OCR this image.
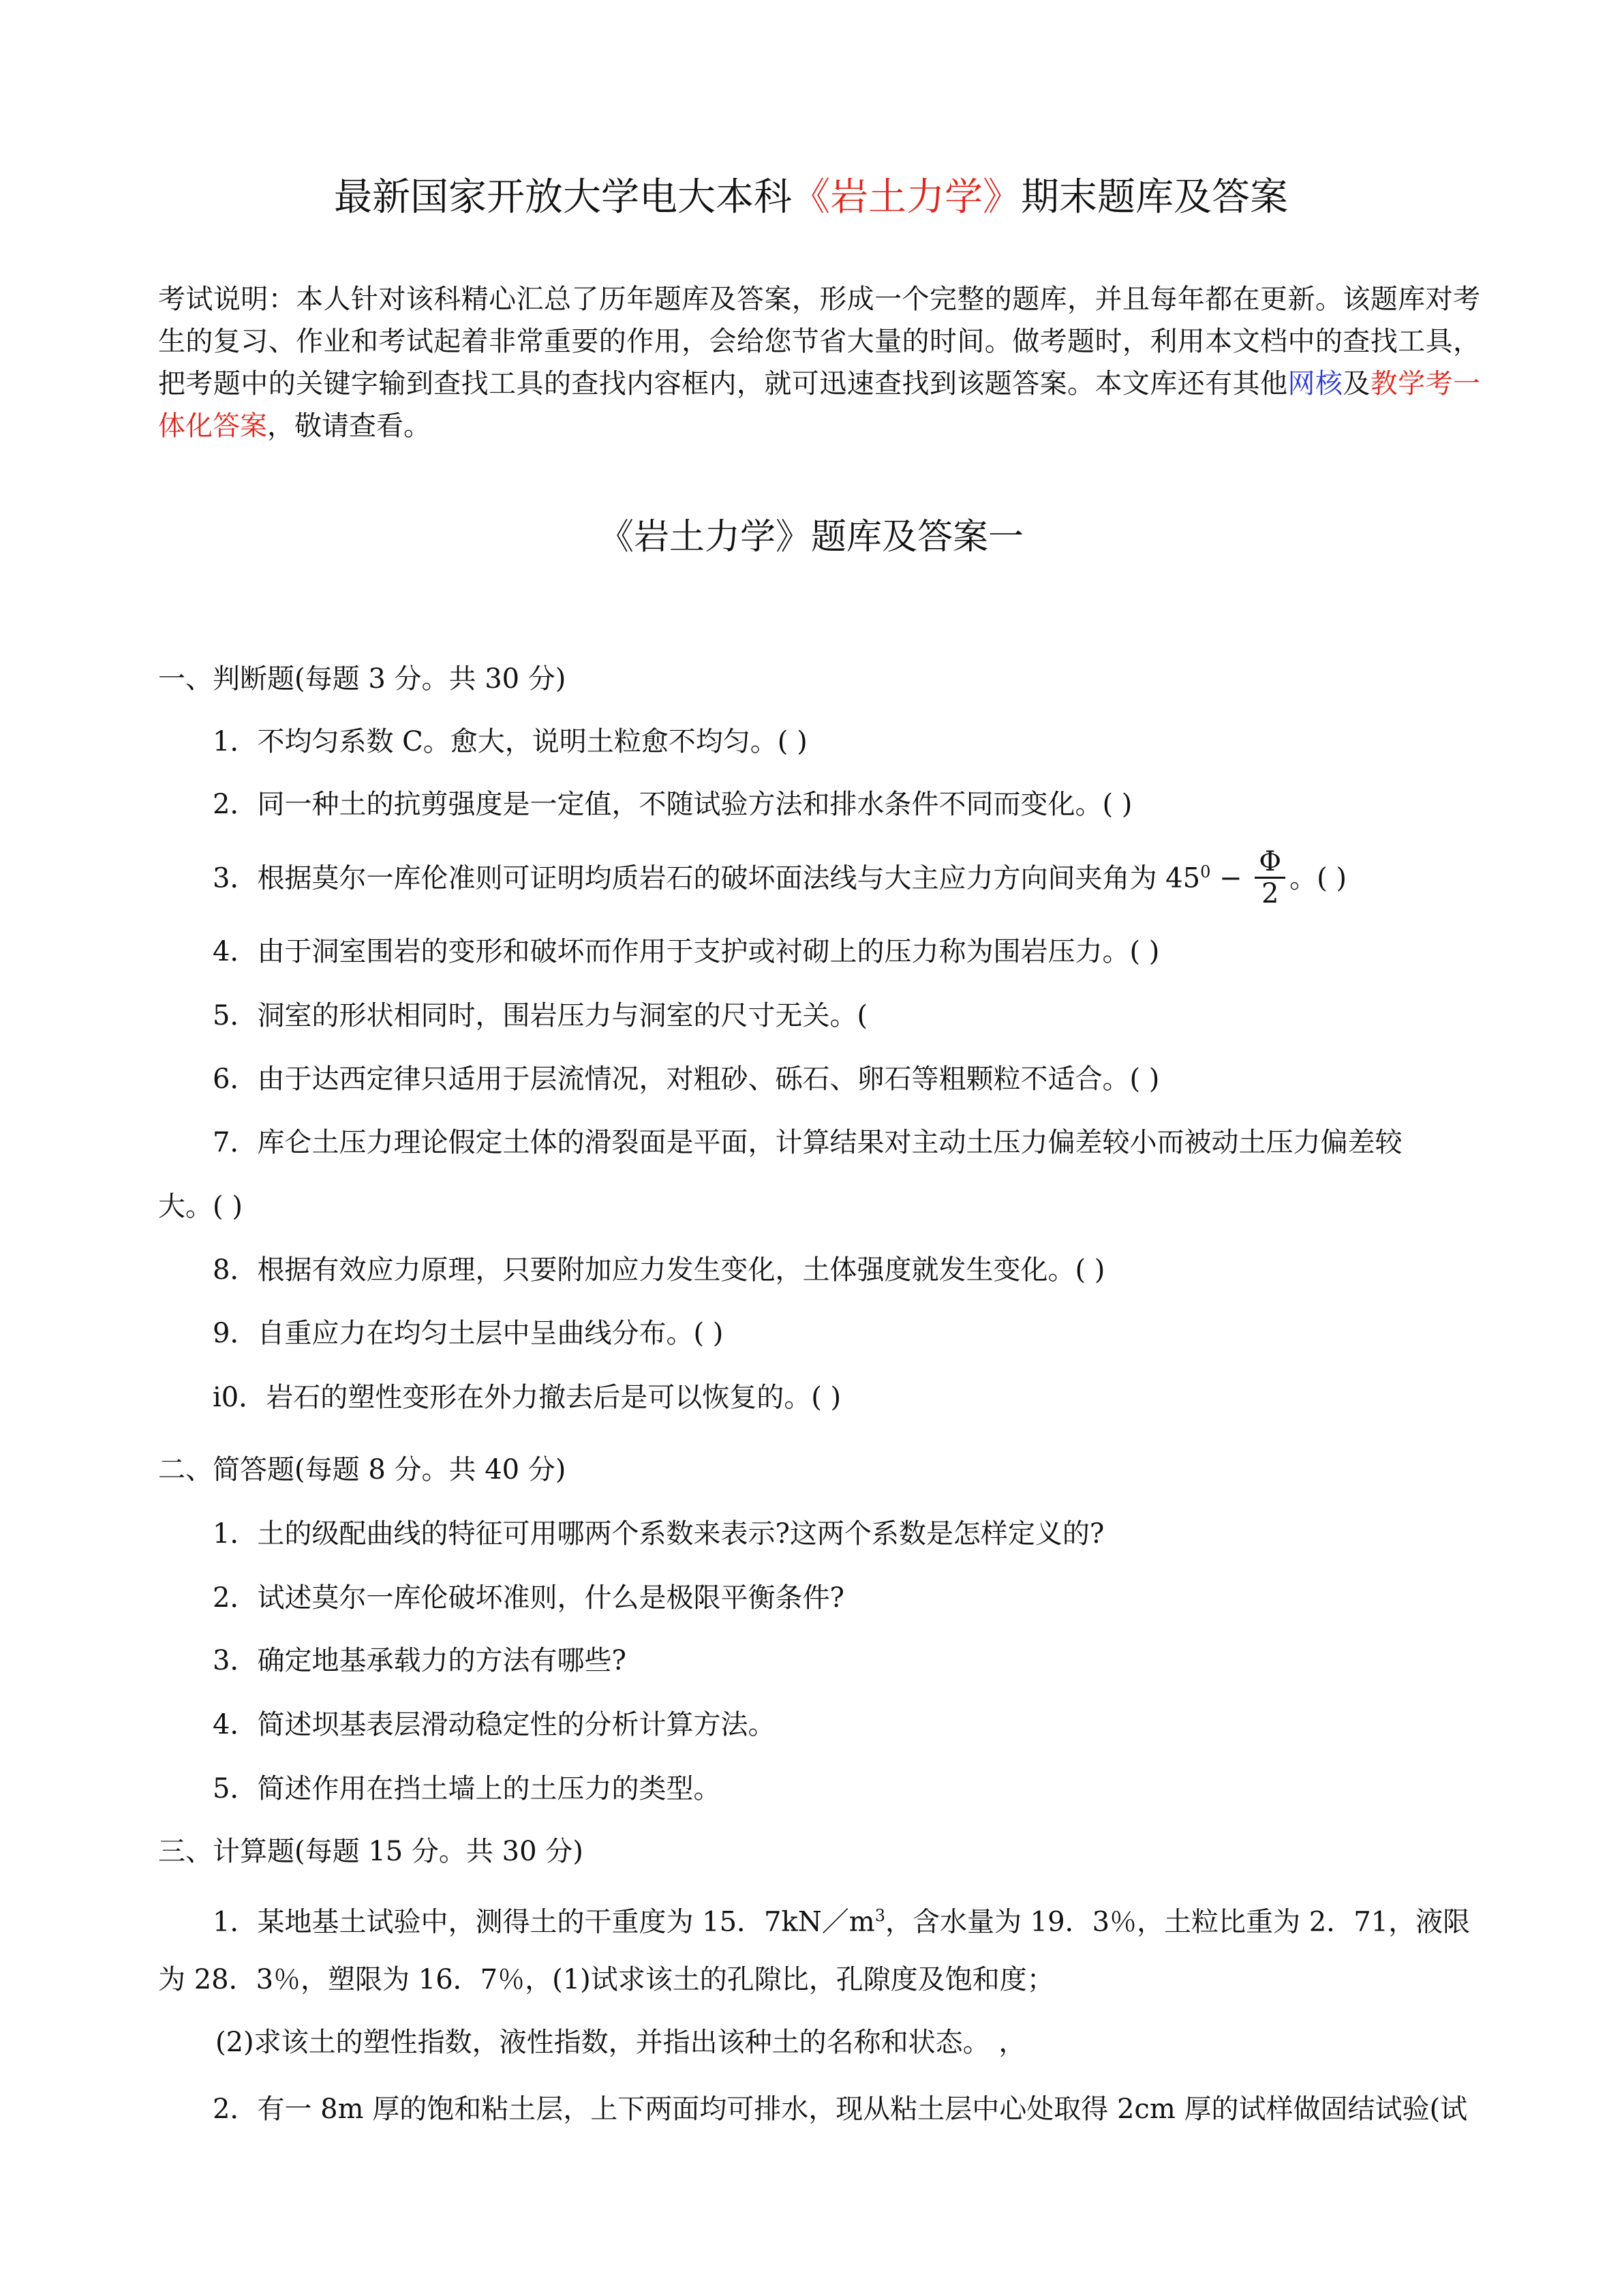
最新国家开放大学电大本科《岩土力学》期末题库及答案
考试说明：本人针对该科精心汇总了历年题库及答案，形成一个完整的题库，并且每年都在更新。该题库对考生的复习、作业和考试起着非常重要的作用，会给您节省大量的时间。做考题时，利用本文档中的查找工具，把考题中的关键字输到查找工具的查找内容框内，就可迅速查找到该题答案。本文库还有其他网核及教学考一体化答案，敬请查看。
《岩土力学》题库及答案一
一、判断题(每题 3 分。共 30 分)
1．不均匀系数 C。愈大，说明土粒愈不均匀。( )
2．同一种土的抗剪强度是一定值，不随试验方法和排水条件不同而变化。( )
3．根据莫尔一库伦准则可证明均质岩石的破坏面法线与大主应力方向间夹角为 $45^0 - \frac{\Phi}{2}$ 。( )
4．由于洞室围岩的变形和破坏而作用于支护或衬砌上的压力称为围岩压力。( )
5．洞室的形状相同时，围岩压力与洞室的尺寸无关。(
6．由于达西定律只适用于层流情况，对粗砂、砾石、卵石等粗颗粒不适合。( )
7．库仑土压力理论假定土体的滑裂面是平面，计算结果对主动土压力偏差较小而被动土压力偏差较
大。( )
8．根据有效应力原理，只要附加应力发生变化，土体强度就发生变化。( )
9．自重应力在均匀土层中呈曲线分布。( )
i0．岩石的塑性变形在外力撤去后是可以恢复的。( )
二、简答题(每题 8 分。共 40 分)
1．土的级配曲线的特征可用哪两个系数来表示?这两个系数是怎样定义的?
2．试述莫尔一库伦破坏准则，什么是极限平衡条件?
3．确定地基承载力的方法有哪些?
4．简述坝基表层滑动稳定性的分析计算方法。
5．简述作用在挡土墙上的土压力的类型。
三、计算题(每题 15 分。共 30 分)
1．某地基土试验中，测得土的干重度为 15．$7kN/m^3$，含水量为 19．3％，土粒比重为 2．71，液限
为 28．3％，塑限为 16．7％，(1)试求该土的孔隙比，孔隙度及饱和度；
(2)求该土的塑性指数，液性指数，并指出该种土的名称和状态。 ，
2．有一 8m 厚的饱和粘土层，上下两面均可排水，现从粘土层中心处取得 2cm 厚的试样做固结试验(试
